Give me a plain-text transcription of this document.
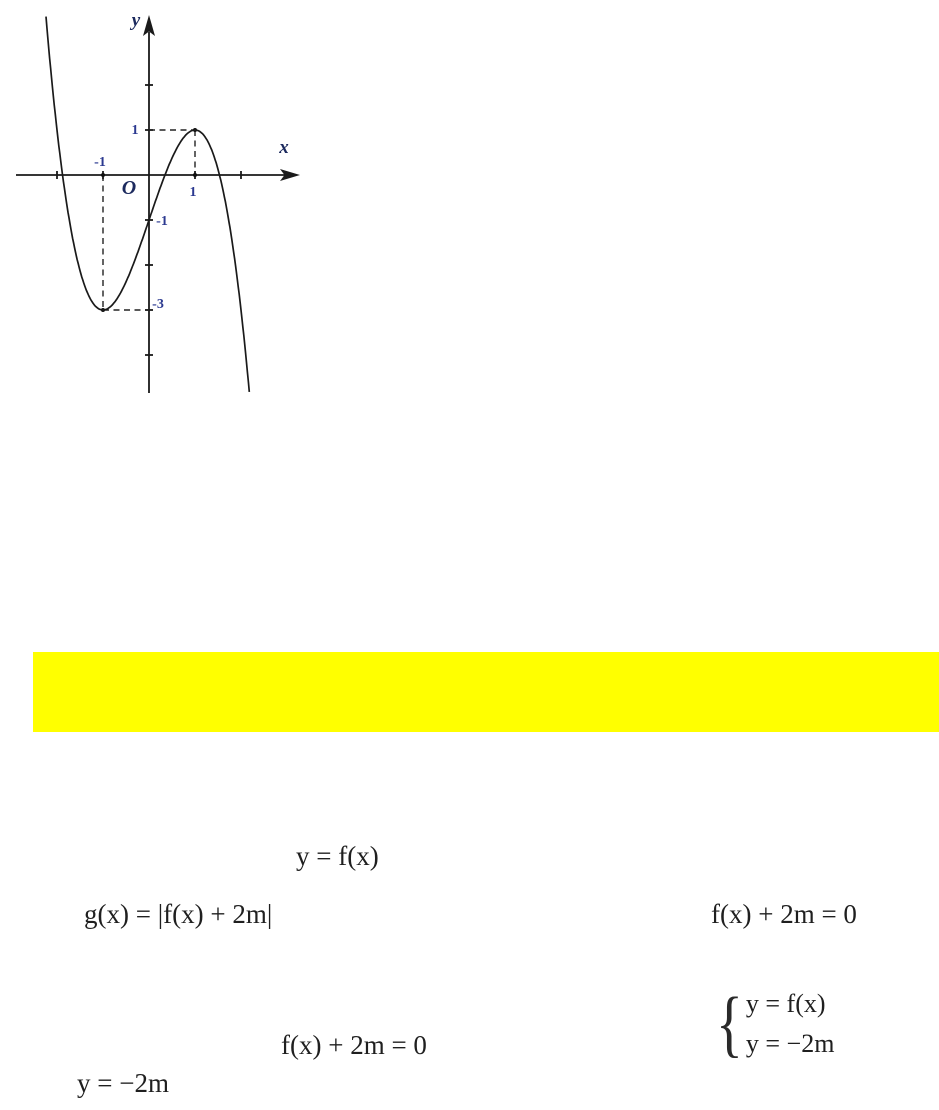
y
x
O
1
-1
1
-1
-3
y = f(x)
g(x) = |f(x) + 2m|	f(x) + 2m = 0
f(x) + 2m = 0	{ y = f(x)
y = −2m
y = −2m
